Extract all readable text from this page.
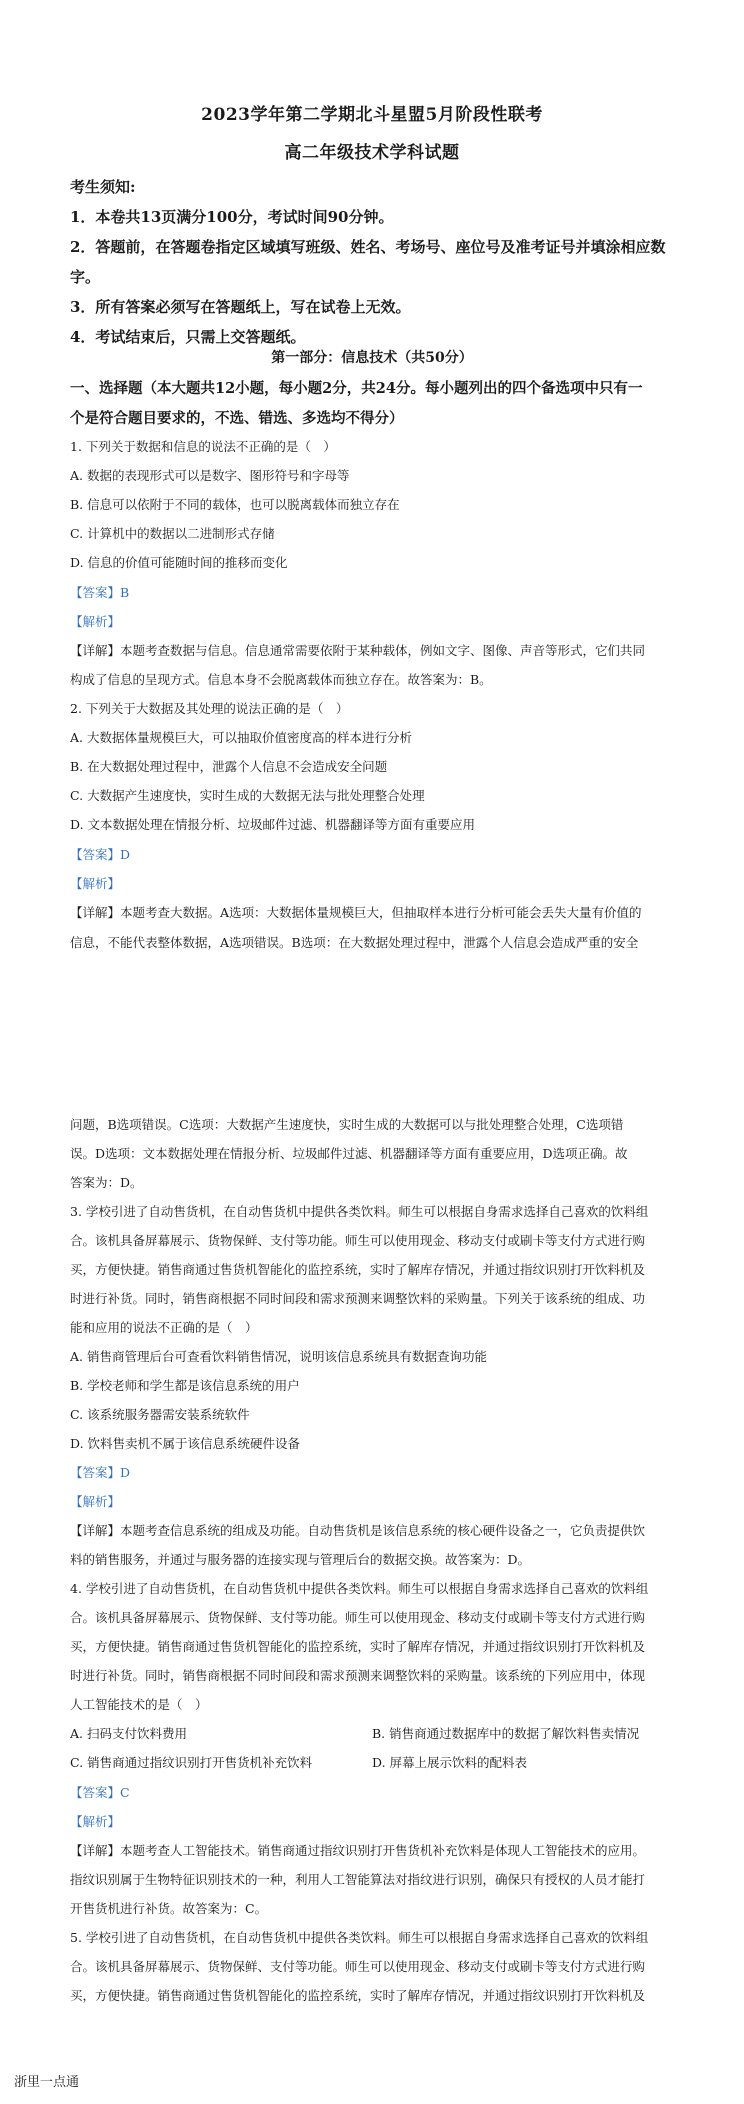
2023学年第二学期北斗星盟5月阶段性联考
高二年级技术学科试题
考生须知:
1．本卷共13页满分100分，考试时间90分钟。
2．答题前，在答题卷指定区域填写班级、姓名、考场号、座位号及准考证号并填涂相应数
字。
3．所有答案必须写在答题纸上，写在试卷上无效。
4．考试结束后，只需上交答题纸。
第一部分：信息技术（共50分）
一、选择题（本大题共12小题，每小题2分，共24分。每小题列出的四个备选项中只有一
个是符合题目要求的，不选、错选、多选均不得分）
1. 下列关于数据和信息的说法不正确的是（　）
A. 数据的表现形式可以是数字、图形符号和字母等
B. 信息可以依附于不同的载体，也可以脱离载体而独立存在
C. 计算机中的数据以二进制形式存储
D. 信息的价值可能随时间的推移而变化
【答案】B
【解析】
【详解】本题考查数据与信息。信息通常需要依附于某种载体，例如文字、图像、声音等形式，它们共同
构成了信息的呈现方式。信息本身不会脱离载体而独立存在。故答案为：B。
2. 下列关于大数据及其处理的说法正确的是（　）
A. 大数据体量规模巨大，可以抽取价值密度高的样本进行分析
B. 在大数据处理过程中，泄露个人信息不会造成安全问题
C. 大数据产生速度快，实时生成的大数据无法与批处理整合处理
D. 文本数据处理在情报分析、垃圾邮件过滤、机器翻译等方面有重要应用
【答案】D
【解析】
【详解】本题考查大数据。A选项：大数据体量规模巨大，但抽取样本进行分析可能会丢失大量有价值的
信息，不能代表整体数据，A选项错误。B选项：在大数据处理过程中，泄露个人信息会造成严重的安全
问题，B选项错误。C选项：大数据产生速度快，实时生成的大数据可以与批处理整合处理，C选项错
误。D选项：文本数据处理在情报分析、垃圾邮件过滤、机器翻译等方面有重要应用，D选项正确。故
答案为：D。
3. 学校引进了自动售货机，在自动售货机中提供各类饮料。师生可以根据自身需求选择自己喜欢的饮料组
合。该机具备屏幕展示、货物保鲜、支付等功能。师生可以使用现金、移动支付或刷卡等支付方式进行购
买，方便快捷。销售商通过售货机智能化的监控系统，实时了解库存情况，并通过指纹识别打开饮料机及
时进行补货。同时，销售商根据不同时间段和需求预测来调整饮料的采购量。下列关于该系统的组成、功
能和应用的说法不正确的是（　）
A. 销售商管理后台可查看饮料销售情况，说明该信息系统具有数据查询功能
B. 学校老师和学生都是该信息系统的用户
C. 该系统服务器需安装系统软件
D. 饮料售卖机不属于该信息系统硬件设备
【答案】D
【解析】
【详解】本题考查信息系统的组成及功能。自动售货机是该信息系统的核心硬件设备之一，它负责提供饮
料的销售服务，并通过与服务器的连接实现与管理后台的数据交换。故答案为：D。
4. 学校引进了自动售货机，在自动售货机中提供各类饮料。师生可以根据自身需求选择自己喜欢的饮料组
合。该机具备屏幕展示、货物保鲜、支付等功能。师生可以使用现金、移动支付或刷卡等支付方式进行购
买，方便快捷。销售商通过售货机智能化的监控系统，实时了解库存情况，并通过指纹识别打开饮料机及
时进行补货。同时，销售商根据不同时间段和需求预测来调整饮料的采购量。该系统的下列应用中，体现
人工智能技术的是（　）
A. 扫码支付饮料费用	B. 销售商通过数据库中的数据了解饮料售卖情况
C. 销售商通过指纹识别打开售货机补充饮料	D. 屏幕上展示饮料的配料表
【答案】C
【解析】
【详解】本题考查人工智能技术。销售商通过指纹识别打开售货机补充饮料是体现人工智能技术的应用。
指纹识别属于生物特征识别技术的一种，利用人工智能算法对指纹进行识别，确保只有授权的人员才能打
开售货机进行补货。故答案为：C。
5. 学校引进了自动售货机，在自动售货机中提供各类饮料。师生可以根据自身需求选择自己喜欢的饮料组
合。该机具备屏幕展示、货物保鲜、支付等功能。师生可以使用现金、移动支付或刷卡等支付方式进行购
买，方便快捷。销售商通过售货机智能化的监控系统，实时了解库存情况，并通过指纹识别打开饮料机及
浙里一点通
